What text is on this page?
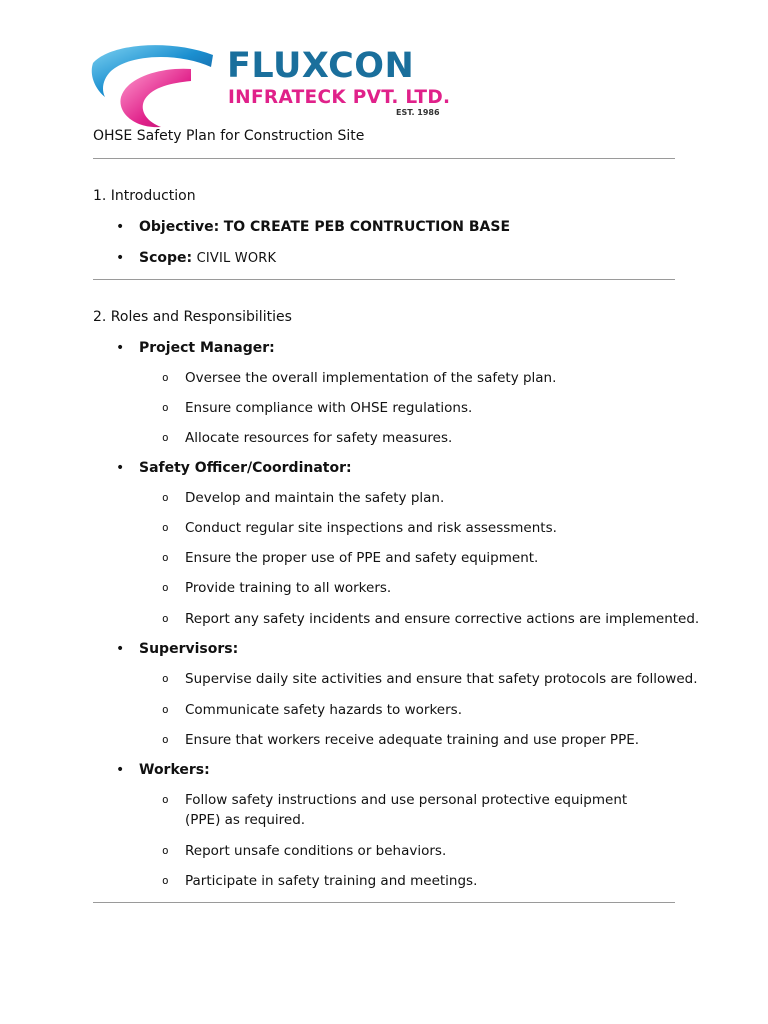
FLUXCON
INFRATECK PVT. LTD.
EST. 1986
OHSE Safety Plan for Construction Site
1. Introduction
• Objective: TO CREATE PEB CONTRUCTION BASE
• Scope: CIVIL WORK
2. Roles and Responsibilities
• Project Manager:
o Oversee the overall implementation of the safety plan.
o Ensure compliance with OHSE regulations.
o Allocate resources for safety measures.
• Safety Officer/Coordinator:
o Develop and maintain the safety plan.
o Conduct regular site inspections and risk assessments.
o Ensure the proper use of PPE and safety equipment.
o Provide training to all workers.
o Report any safety incidents and ensure corrective actions are implemented.
• Supervisors:
o Supervise daily site activities and ensure that safety protocols are followed.
o Communicate safety hazards to workers.
o Ensure that workers receive adequate training and use proper PPE.
• Workers:
o Follow safety instructions and use personal protective equipment (PPE) as required.
o Report unsafe conditions or behaviors.
o Participate in safety training and meetings.
